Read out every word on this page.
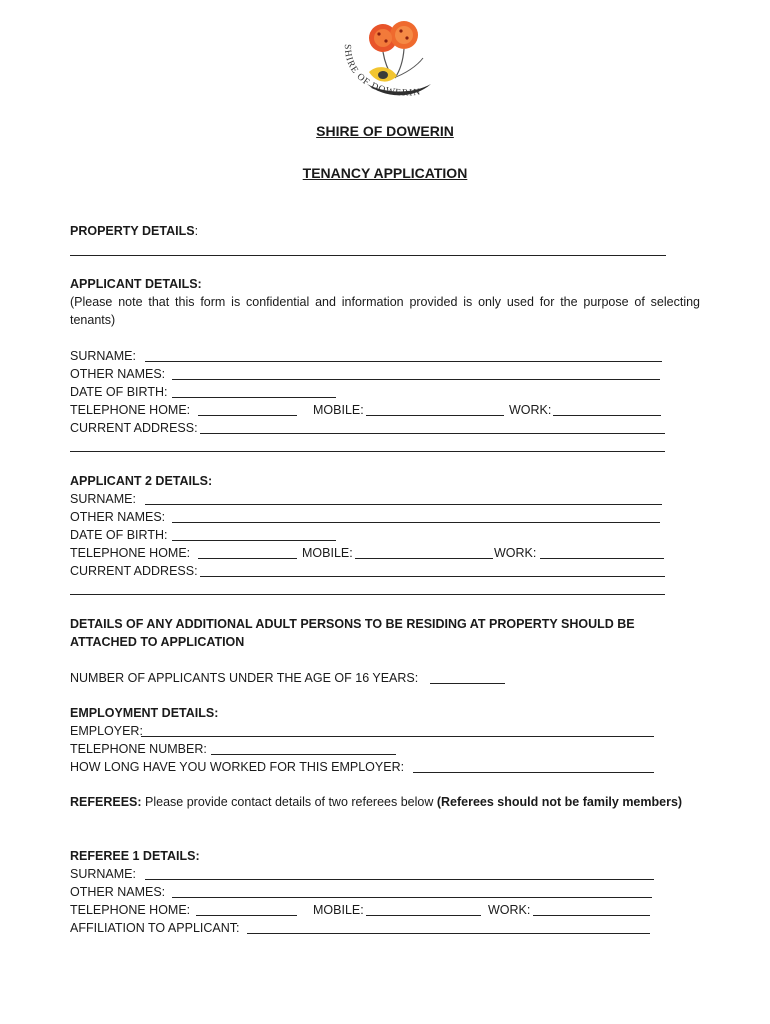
SHIRE OF DOWERIN
SHIRE OF DOWERIN
TENANCY APPLICATION
PROPERTY DETAILS:
APPLICANT DETAILS:
(Please note that this form is confidential and information provided is only used for the purpose of selecting tenants)
SURNAME:
OTHER NAMES:
DATE OF BIRTH:
TELEPHONE HOME:	MOBILE:	WORK:
CURRENT ADDRESS:
APPLICANT 2 DETAILS:
SURNAME:
OTHER NAMES:
DATE OF BIRTH:
TELEPHONE HOME:	MOBILE:	WORK:
CURRENT ADDRESS:
DETAILS OF ANY ADDITIONAL ADULT PERSONS TO BE RESIDING AT PROPERTY SHOULD BE ATTACHED TO APPLICATION
NUMBER OF APPLICANTS UNDER THE AGE OF 16 YEARS:
EMPLOYMENT DETAILS:
EMPLOYER:
TELEPHONE NUMBER:
HOW LONG HAVE YOU WORKED FOR THIS EMPLOYER:
REFEREES: Please provide contact details of two referees below (Referees should not be family members)
REFEREE 1 DETAILS:
SURNAME:
OTHER NAMES:
TELEPHONE HOME:	MOBILE:	WORK:
AFFILIATION TO APPLICANT:
